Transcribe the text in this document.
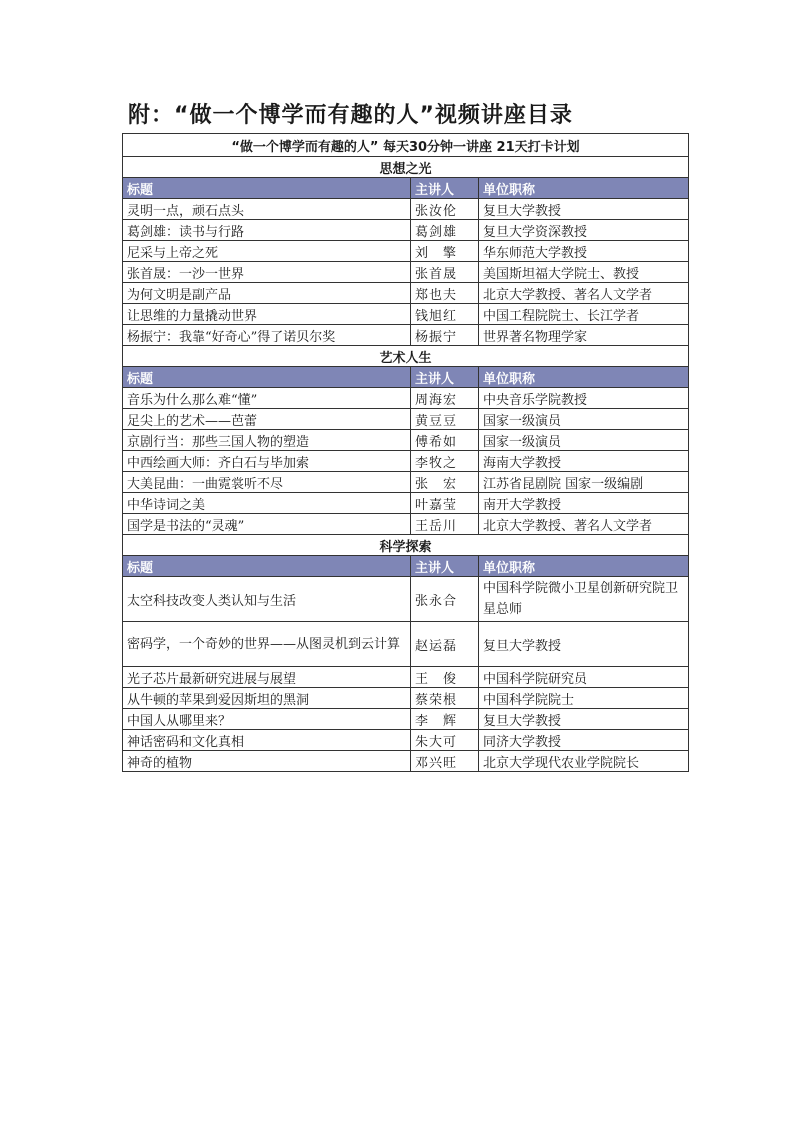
附：“做一个博学而有趣的人”视频讲座目录
“做一个博学而有趣的人” 每天30分钟一讲座 21天打卡计划		
思想之光		
标题	主讲人	单位职称
灵明一点，顽石点头	张汝伦	复旦大学教授
葛剑雄：读书与行路	葛剑雄	复旦大学资深教授
尼采与上帝之死	刘　擎	华东师范大学教授
张首晟：一沙一世界	张首晟	美国斯坦福大学院士、教授
为何文明是副产品	郑也夫	北京大学教授、著名人文学者
让思维的力量撬动世界	钱旭红	中国工程院院士、长江学者
杨振宁：我靠“好奇心”得了诺贝尔奖	杨振宁	世界著名物理学家
艺术人生		
标题	主讲人	单位职称
音乐为什么那么难“懂”	周海宏	中央音乐学院教授
足尖上的艺术——芭蕾	黄豆豆	国家一级演员
京剧行当：那些三国人物的塑造	傅希如	国家一级演员
中西绘画大师：齐白石与毕加索	李牧之	海南大学教授
大美昆曲：一曲霓裳听不尽	张　宏	江苏省昆剧院 国家一级编剧
中华诗词之美	叶嘉莹	南开大学教授
国学是书法的“灵魂”	王岳川	北京大学教授、著名人文学者
科学探索		
标题	主讲人	单位职称
太空科技改变人类认知与生活	张永合	中国科学院微小卫星创新研究院卫星总师
密码学，一个奇妙的世界——从图灵机到云计算	赵运磊	复旦大学教授
光子芯片最新研究进展与展望	王　俊	中国科学院研究员
从牛顿的苹果到爱因斯坦的黑洞	蔡荣根	中国科学院院士
中国人从哪里来？	李　辉	复旦大学教授
神话密码和文化真相	朱大可	同济大学教授
神奇的植物	邓兴旺	北京大学现代农业学院院长
